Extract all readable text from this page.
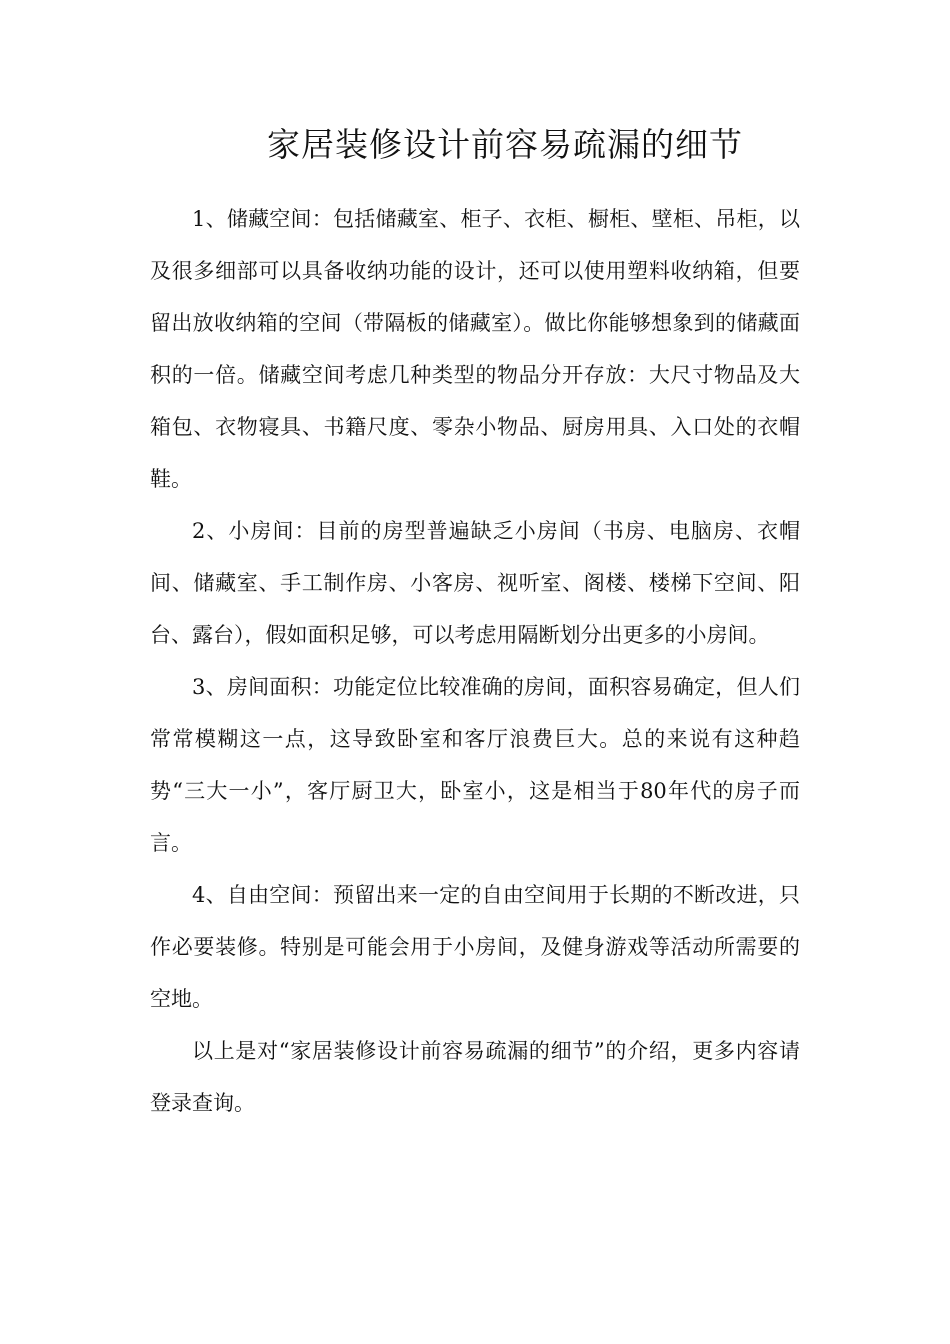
家居装修设计前容易疏漏的细节

1、储藏空间：包括储藏室、柜子、衣柜、橱柜、壁柜、吊柜，以及很多细部可以具备收纳功能的设计，还可以使用塑料收纳箱，但要留出放收纳箱的空间（带隔板的储藏室）。做比你能够想象到的储藏面积的一倍。储藏空间考虑几种类型的物品分开存放：大尺寸物品及大箱包、衣物寝具、书籍尺度、零杂小物品、厨房用具、入口处的衣帽鞋。

2、小房间：目前的房型普遍缺乏小房间（书房、电脑房、衣帽间、储藏室、手工制作房、小客房、视听室、阁楼、楼梯下空间、阳台、露台），假如面积足够，可以考虑用隔断划分出更多的小房间。

3、房间面积：功能定位比较准确的房间，面积容易确定，但人们常常模糊这一点，这导致卧室和客厅浪费巨大。总的来说有这种趋势“三大一小”，客厅厨卫大，卧室小，这是相当于80年代的房子而言。

4、自由空间：预留出来一定的自由空间用于长期的不断改进，只作必要装修。特别是可能会用于小房间，及健身游戏等活动所需要的空地。

以上是对“家居装修设计前容易疏漏的细节”的介绍，更多内容请登录查询。
